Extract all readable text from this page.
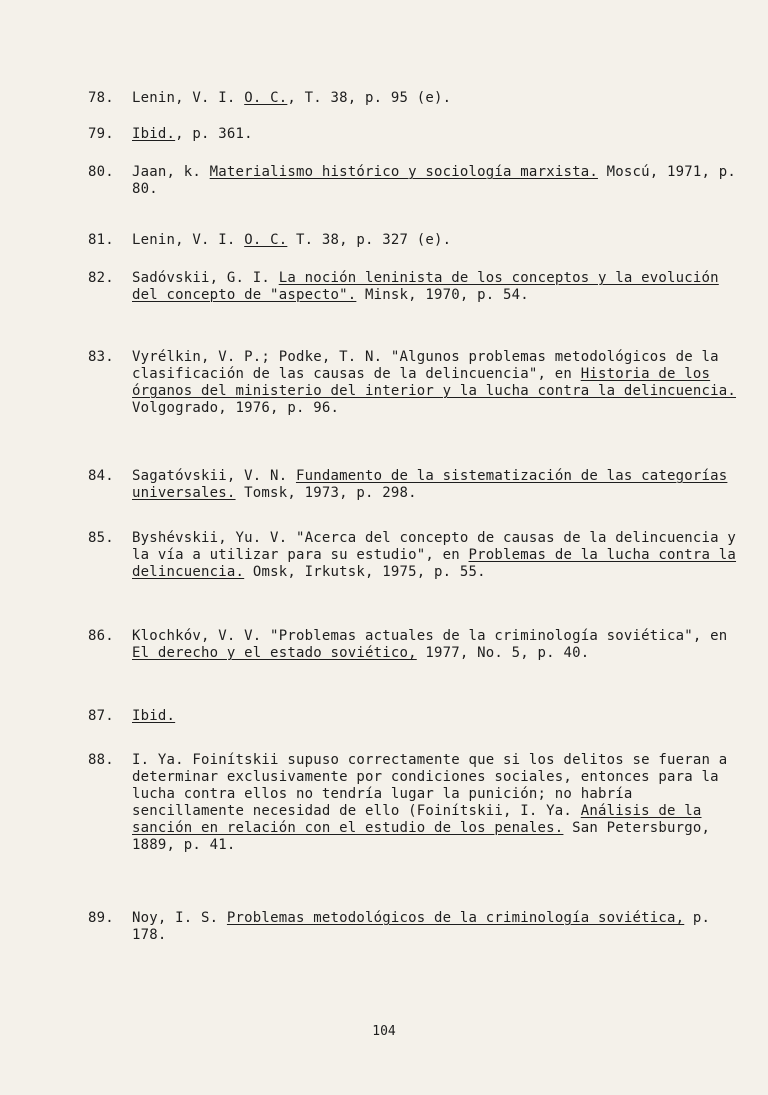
78. Lenin, V. I. O. C., T. 38, p. 95 (e).
79. Ibid., p. 361.
80. Jaan, k. Materialismo histórico y sociología marxista. Moscú, 1971, p. 80.
81. Lenin, V. I. O. C. T. 38, p. 327 (e).
82. Sadóvskii, G. I. La noción leninista de los conceptos y la evolución del concepto de "aspecto". Minsk, 1970, p. 54.
83. Vyrélkin, V. P.; Podke, T. N. "Algunos problemas metodológicos de la clasificación de las causas de la delincuencia", en Historia de los órganos del ministerio del interior y la lucha contra la delincuencia. Volgogrado, 1976, p. 96.
84. Sagatóvskii, V. N. Fundamento de la sistematización de las categorías universales. Tomsk, 1973, p. 298.
85. Byshévskii, Yu. V. "Acerca del concepto de causas de la delincuencia y la vía a utilizar para su estudio", en Problemas de la lucha contra la delincuencia. Omsk, Irkutsk, 1975, p. 55.
86. Klochkóv, V. V. "Problemas actuales de la criminología soviética", en El derecho y el estado soviético, 1977, No. 5, p. 40.
87. Ibid.
88. I. Ya. Foinítskii supuso correctamente que si los delitos se fueran a determinar exclusivamente por condiciones sociales, entonces para la lucha contra ellos no tendría lugar la punición; no habría sencillamente necesidad de ello (Foinítskii, I. Ya. Análisis de la sanción en relación con el estudio de los penales. San Petersburgo, 1889, p. 41.
89. Noy, I. S. Problemas metodológicos de la criminología soviética, p. 178.
104
